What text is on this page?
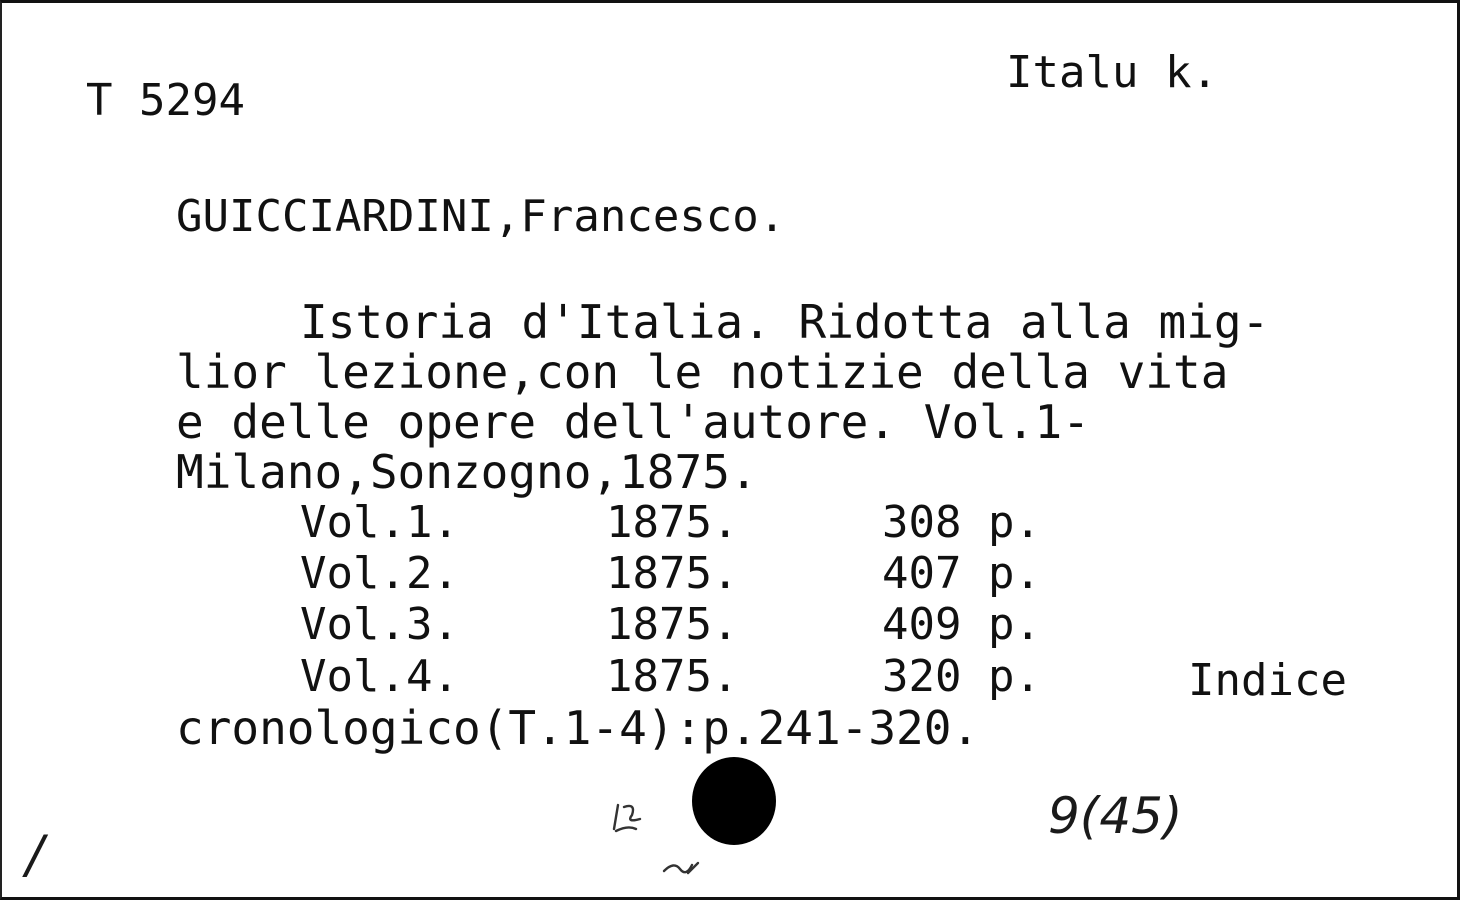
T 5294
Italu k.
GUICCIARDINI,Francesco.
Istoria d'Italia. Ridotta alla mig-
lior lezione,con le notizie della vita
e delle opere dell'autore. Vol.1-
Milano,Sonzogno,1875.
Vol.1.	1875.	308 p.
Vol.2.	1875.	407 p.
Vol.3.	1875.	409 p.
Vol.4.	1875.	320 p.	Indice
cronologico(T.1-4):p.241-320.
9(45)
/
